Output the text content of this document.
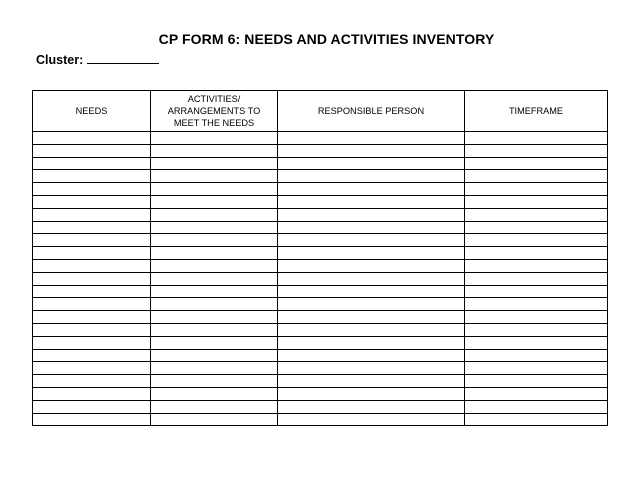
CP FORM 6: NEEDS AND ACTIVITIES INVENTORY
Cluster:
NEEDS	ACTIVITIES/ ARRANGEMENTS TO MEET THE NEEDS	RESPONSIBLE PERSON	TIMEFRAME
